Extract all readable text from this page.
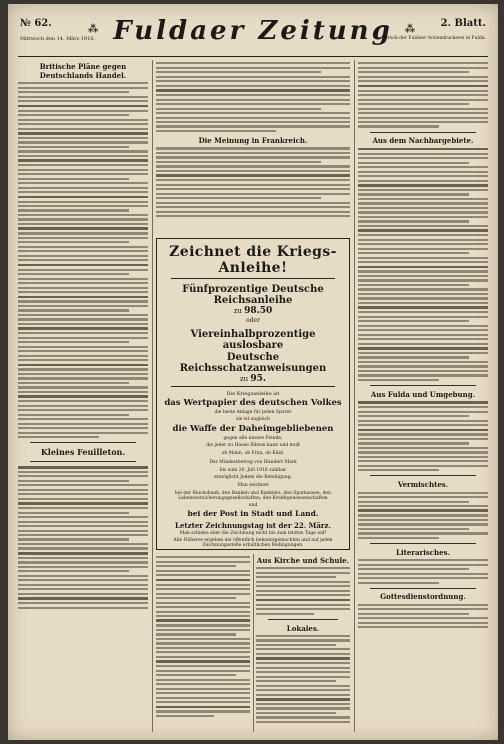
№ 62.
Mittwoch den 14. März 1916.
⁂ Fuldaer Zeitung ⁂
2. Blatt.
Druck der Fuldaer Actiendruckerei in Fulda.
Britische Pläne gegen Deutschlands Handel.
Kleines Feuilleton.
Die Meinung in Frankreich.
Zeichnet die Kriegs-Anleihe!
Fünfprozentige Deutsche Reichsanleihe
zu 98.50
oder
Viereinhalbprozentige auslosbare
Deutsche Reichsschatzanweisungen
zu 95.
Die Kriegsanleihe ist
das Wertpapier des deutschen Volkes
die beste Anlage für jeden Sparer
sie ist zugleich
die Waffe der Daheimgebliebenen
gegen alle unsere Feinde,
die jeder zu Hause führen kann und muß
ob Mann, ob Frau, ob Kind.
Der Mindestbetrag von Hundert Mark
bis zum 20. Juli 1916 zahlbar
ermöglicht Jedem die Beteiligung.
Man zeichnet
bei der Reichsbank, den Banken und Bankiers, den Sparkassen, den Lebensversicherungsgesellschaften, den Kreditgenossenschaften
und
bei der Post in Stadt und Land.
Letzter Zeichnungstag ist der 22. März.
Man schiebe aber die Zeichnung nicht bis zum letzten Tage auf!
Alle Näheres ergeben die öffentlich bekanntgemachten und auf jeden Zeichnungsstelle erhältlichen Bedingungen.
Aus Kirche und Schule.
Lokales.
Aus dem Nachbargebiete.
Aus Fulda und Umgebung.
Vermischtes.
Literarisches.
Gottesdienstordnung.
